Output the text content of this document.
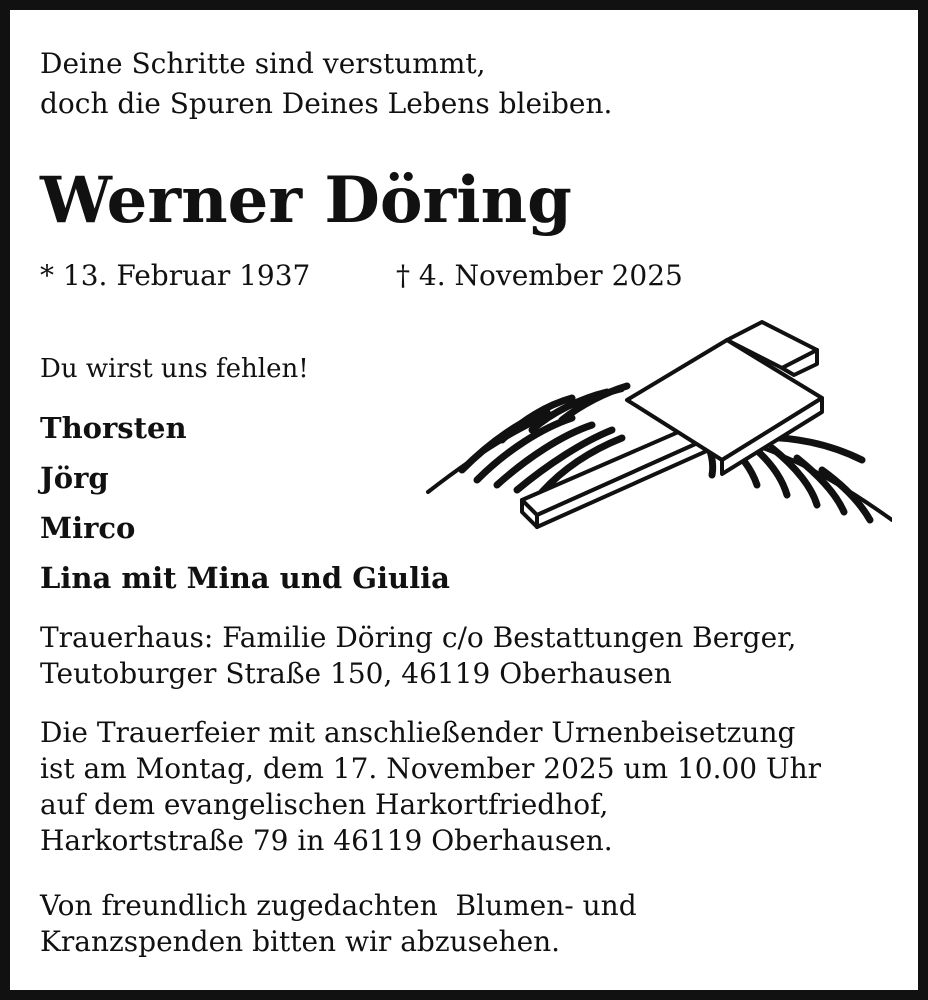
Deine Schritte sind verstummt,
doch die Spuren Deines Lebens bleiben.

Werner Döring
* 13. Februar 1937	† 4. November 2025

Du wirst uns fehlen!

Thorsten
Jörg
Mirco
Lina mit Mina und Giulia

Trauerhaus: Familie Döring c/o Bestattungen Berger,
Teutoburger Straße 150, 46119 Oberhausen

Die Trauerfeier mit anschließender Urnenbeisetzung
ist am Montag, dem 17. November 2025 um 10.00 Uhr
auf dem evangelischen Harkortfriedhof,
Harkortstraße 79 in 46119 Oberhausen.

Von freundlich zugedachten  Blumen- und
Kranzspenden bitten wir abzusehen.
